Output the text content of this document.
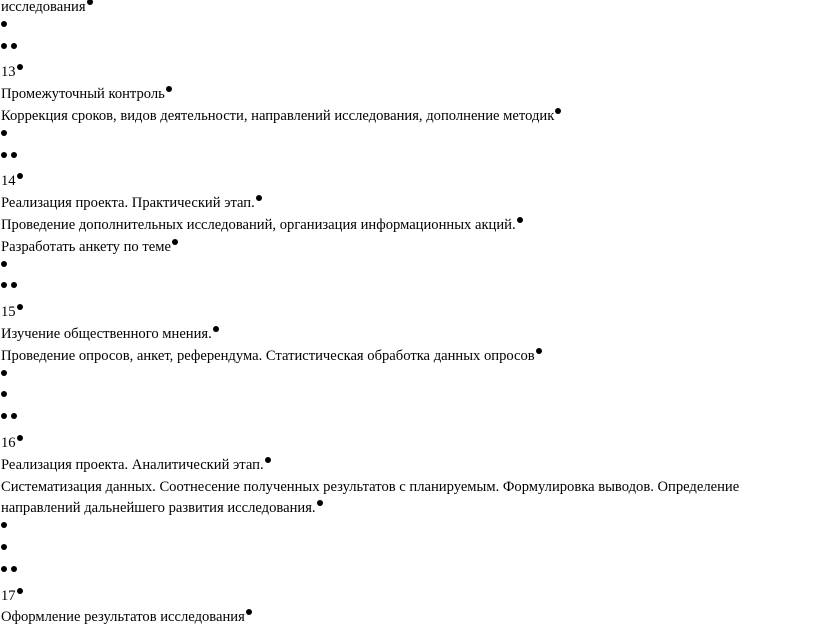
исследования
13
Промежуточный контроль
Коррекция сроков, видов деятельности, направлений исследования, дополнение методик
14
Реализация проекта. Практический этап.
Проведение дополнительных исследований, организация информационных акций.
Разработать анкету по теме
15
Изучение общественного мнения.
Проведение опросов, анкет, референдума. Статистическая обработка данных опросов
16
Реализация проекта. Аналитический этап.
Систематизация данных. Соотнесение полученных результатов с планируемым. Формулировка выводов. Определение направлений дальнейшего развития исследования.
17
Оформление результатов исследования
